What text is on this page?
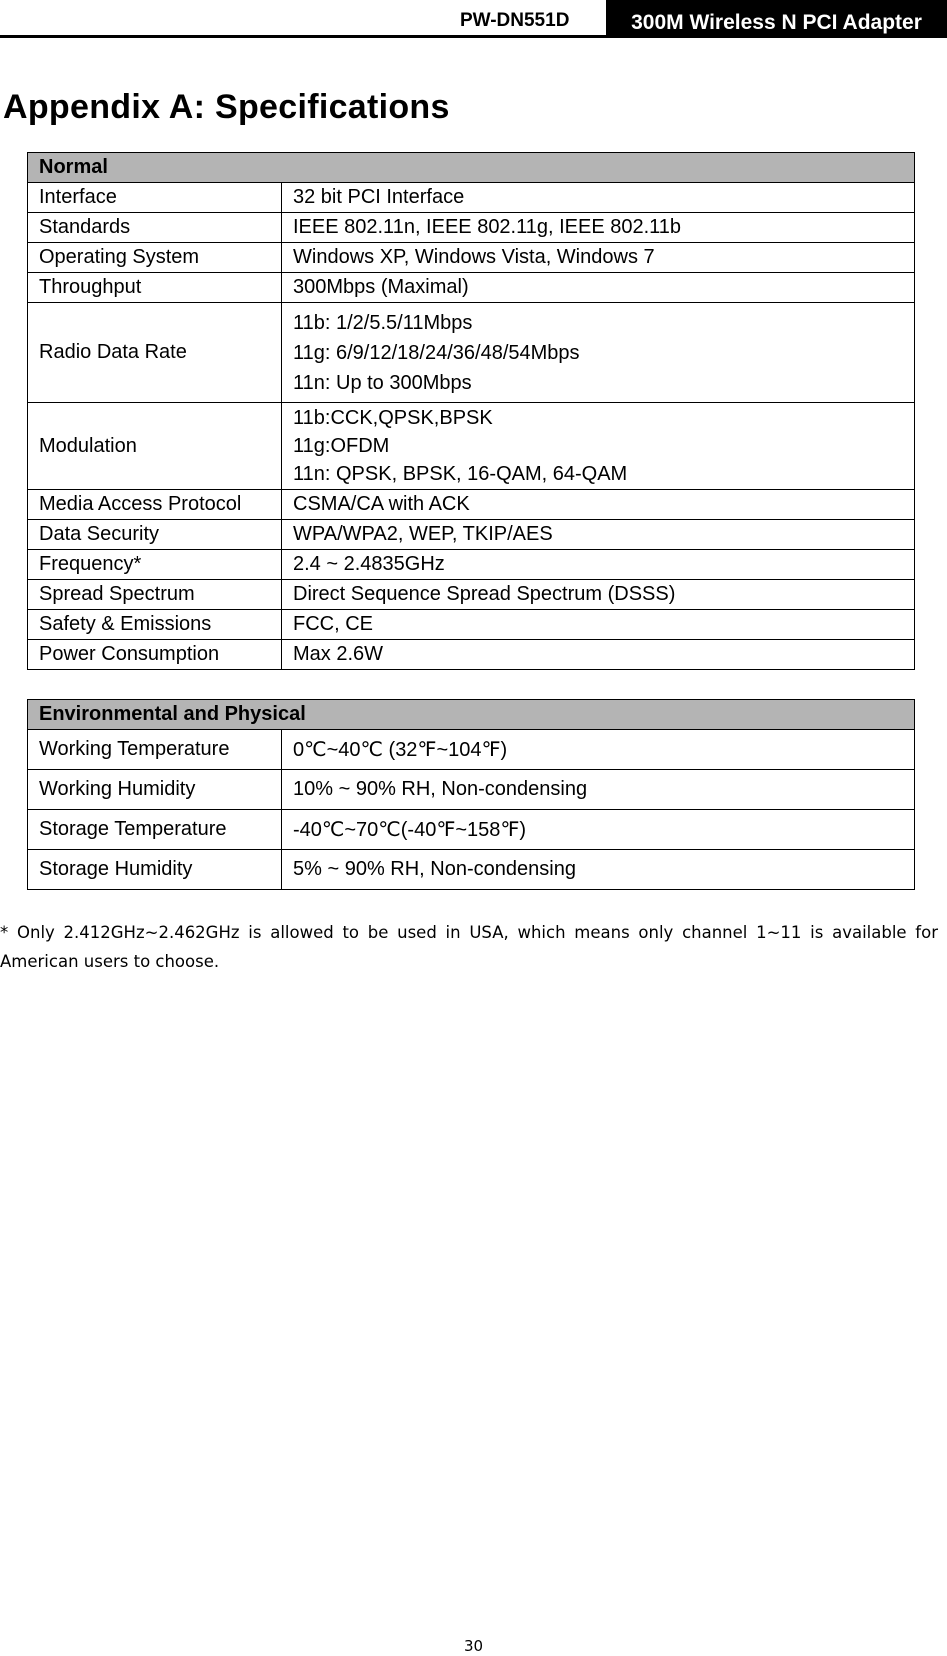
PW-DN551D	300M Wireless N PCI Adapter
Appendix A: Specifications
Normal	
Interface	32 bit PCI Interface
Standards	IEEE 802.11n, IEEE 802.11g, IEEE 802.11b
Operating System	Windows XP, Windows Vista, Windows 7
Throughput	300Mbps (Maximal)
Radio Data Rate	11b: 1/2/5.5/11Mbps
11g: 6/9/12/18/24/36/48/54Mbps
11n: Up to 300Mbps

Modulation	11b:CCK,QPSK,BPSK
11g:OFDM
11n: QPSK, BPSK, 16-QAM, 64-QAM

Media Access Protocol	CSMA/CA with ACK
Data Security	WPA/WPA2, WEP, TKIP/AES
Frequency*	2.4 ~ 2.4835GHz
Spread Spectrum	Direct Sequence Spread Spectrum (DSSS)
Safety & Emissions	FCC, CE
Power Consumption	Max 2.6W
Environmental and Physical	
Working Temperature	0℃~40℃ (32℉~104℉)
Working Humidity	10% ~ 90% RH, Non-condensing
Storage Temperature	-40℃~70℃(-40℉~158℉)
Storage Humidity	5% ~ 90% RH, Non-condensing
* Only 2.412GHz~2.462GHz is allowed to be used in USA, which means only channel 1~11 is available for American users to choose.
30
